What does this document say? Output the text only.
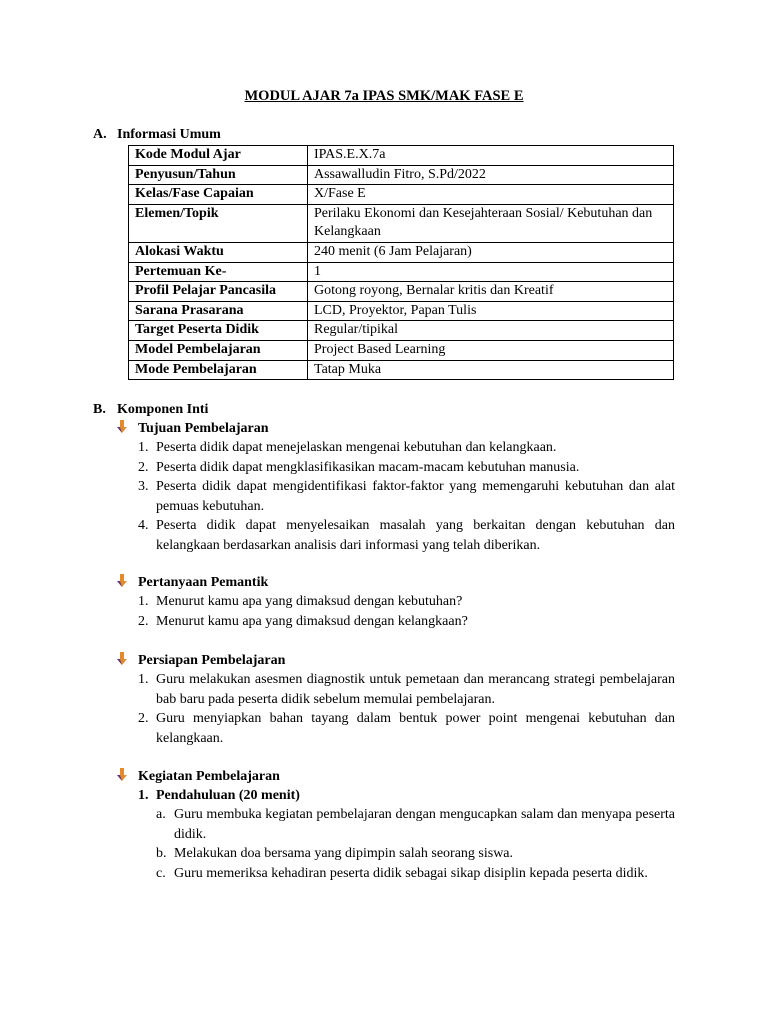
MODUL AJAR 7a IPAS SMK/MAK FASE E
A. Informasi Umum
Kode Modul Ajar	IPAS.E.X.7a
Penyusun/Tahun	Assawalludin Fitro, S.Pd/2022
Kelas/Fase Capaian	X/Fase E
Elemen/Topik	Perilaku Ekonomi dan Kesejahteraan Sosial/ Kebutuhan dan Kelangkaan
Alokasi Waktu	240 menit (6 Jam Pelajaran)
Pertemuan Ke-	1
Profil Pelajar Pancasila	Gotong royong, Bernalar kritis dan Kreatif
Sarana Prasarana	LCD, Proyektor, Papan Tulis
Target Peserta Didik	Regular/tipikal
Model Pembelajaran	Project Based Learning
Mode Pembelajaran	Tatap Muka
B. Komponen Inti
Tujuan Pembelajaran
1. Peserta didik dapat menejelaskan mengenai kebutuhan dan kelangkaan.
2. Peserta didik dapat mengklasifikasikan macam-macam kebutuhan manusia.
3. Peserta didik dapat mengidentifikasi faktor-faktor yang memengaruhi kebutuhan dan alat pemuas kebutuhan.
4. Peserta didik dapat menyelesaikan masalah yang berkaitan dengan kebutuhan dan kelangkaan berdasarkan analisis dari informasi yang telah diberikan.
Pertanyaan Pemantik
1. Menurut kamu apa yang dimaksud dengan kebutuhan?
2. Menurut kamu apa yang dimaksud dengan kelangkaan?
Persiapan Pembelajaran
1. Guru melakukan asesmen diagnostik untuk pemetaan dan merancang strategi pembelajaran bab baru pada peserta didik sebelum memulai pembelajaran.
2. Guru menyiapkan bahan tayang dalam bentuk power point mengenai kebutuhan dan kelangkaan.
Kegiatan Pembelajaran
1. Pendahuluan (20 menit)
a. Guru membuka kegiatan pembelajaran dengan mengucapkan salam dan menyapa peserta didik.
b. Melakukan doa bersama yang dipimpin salah seorang siswa.
c. Guru memeriksa kehadiran peserta didik sebagai sikap disiplin kepada peserta didik.
